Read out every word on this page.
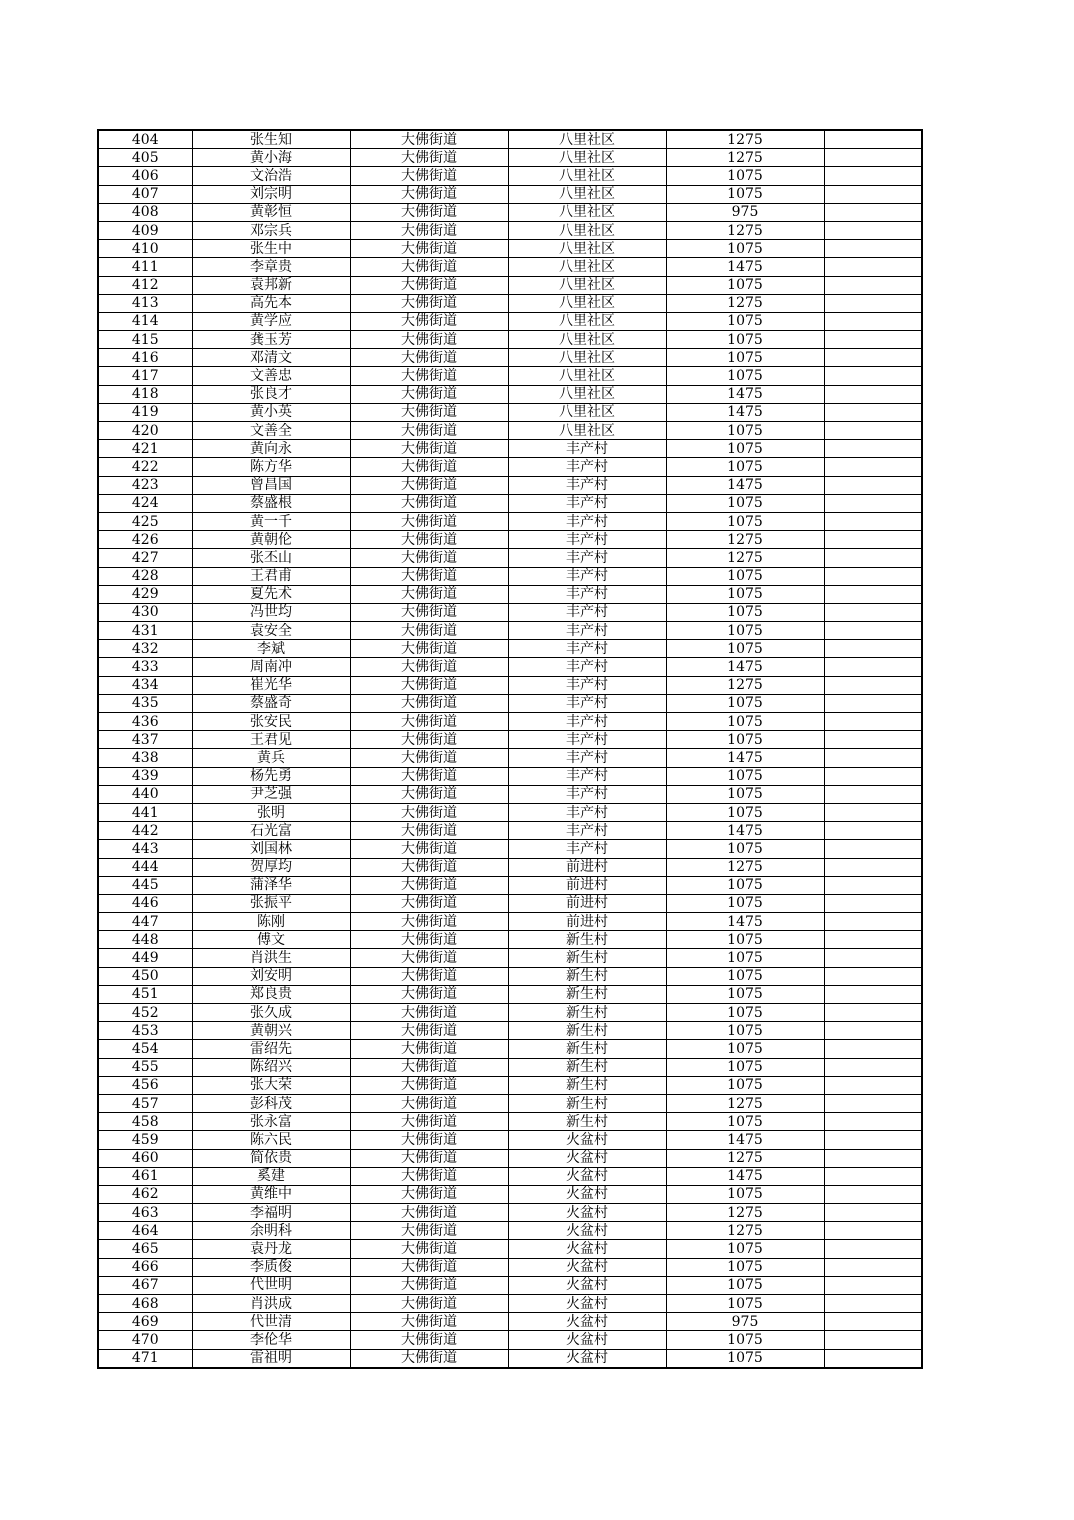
404	张生知	大佛街道	八里社区	1275	
405	黄小海	大佛街道	八里社区	1275	
406	文治浩	大佛街道	八里社区	1075	
407	刘宗明	大佛街道	八里社区	1075	
408	黄彰恒	大佛街道	八里社区	975	
409	邓宗兵	大佛街道	八里社区	1275	
410	张生中	大佛街道	八里社区	1075	
411	李章贵	大佛街道	八里社区	1475	
412	袁邦新	大佛街道	八里社区	1075	
413	高先本	大佛街道	八里社区	1275	
414	黄学应	大佛街道	八里社区	1075	
415	龚玉芳	大佛街道	八里社区	1075	
416	邓清文	大佛街道	八里社区	1075	
417	文善忠	大佛街道	八里社区	1075	
418	张良才	大佛街道	八里社区	1475	
419	黄小英	大佛街道	八里社区	1475	
420	文善全	大佛街道	八里社区	1075	
421	黄向永	大佛街道	丰产村	1075	
422	陈方华	大佛街道	丰产村	1075	
423	曾昌国	大佛街道	丰产村	1475	
424	蔡盛根	大佛街道	丰产村	1075	
425	黄一千	大佛街道	丰产村	1075	
426	黄朝伦	大佛街道	丰产村	1275	
427	张丕山	大佛街道	丰产村	1275	
428	王君甫	大佛街道	丰产村	1075	
429	夏先术	大佛街道	丰产村	1075	
430	冯世均	大佛街道	丰产村	1075	
431	袁安全	大佛街道	丰产村	1075	
432	李斌	大佛街道	丰产村	1075	
433	周南冲	大佛街道	丰产村	1475	
434	崔光华	大佛街道	丰产村	1275	
435	蔡盛奇	大佛街道	丰产村	1075	
436	张安民	大佛街道	丰产村	1075	
437	王君见	大佛街道	丰产村	1075	
438	黄兵	大佛街道	丰产村	1475	
439	杨先勇	大佛街道	丰产村	1075	
440	尹芝强	大佛街道	丰产村	1075	
441	张明	大佛街道	丰产村	1075	
442	石光富	大佛街道	丰产村	1475	
443	刘国林	大佛街道	丰产村	1075	
444	贺厚均	大佛街道	前进村	1275	
445	蒲泽华	大佛街道	前进村	1075	
446	张振平	大佛街道	前进村	1075	
447	陈刚	大佛街道	前进村	1475	
448	傅文	大佛街道	新生村	1075	
449	肖洪生	大佛街道	新生村	1075	
450	刘安明	大佛街道	新生村	1075	
451	郑良贵	大佛街道	新生村	1075	
452	张久成	大佛街道	新生村	1075	
453	黄朝兴	大佛街道	新生村	1075	
454	雷绍先	大佛街道	新生村	1075	
455	陈绍兴	大佛街道	新生村	1075	
456	张大荣	大佛街道	新生村	1075	
457	彭科茂	大佛街道	新生村	1275	
458	张永富	大佛街道	新生村	1075	
459	陈六民	大佛街道	火盆村	1475	
460	简依贵	大佛街道	火盆村	1275	
461	奚建	大佛街道	火盆村	1475	
462	黄维中	大佛街道	火盆村	1075	
463	李福明	大佛街道	火盆村	1275	
464	余明科	大佛街道	火盆村	1275	
465	袁丹龙	大佛街道	火盆村	1075	
466	李质俊	大佛街道	火盆村	1075	
467	代世明	大佛街道	火盆村	1075	
468	肖洪成	大佛街道	火盆村	1075	
469	代世清	大佛街道	火盆村	975	
470	李伦华	大佛街道	火盆村	1075	
471	雷祖明	大佛街道	火盆村	1075	
